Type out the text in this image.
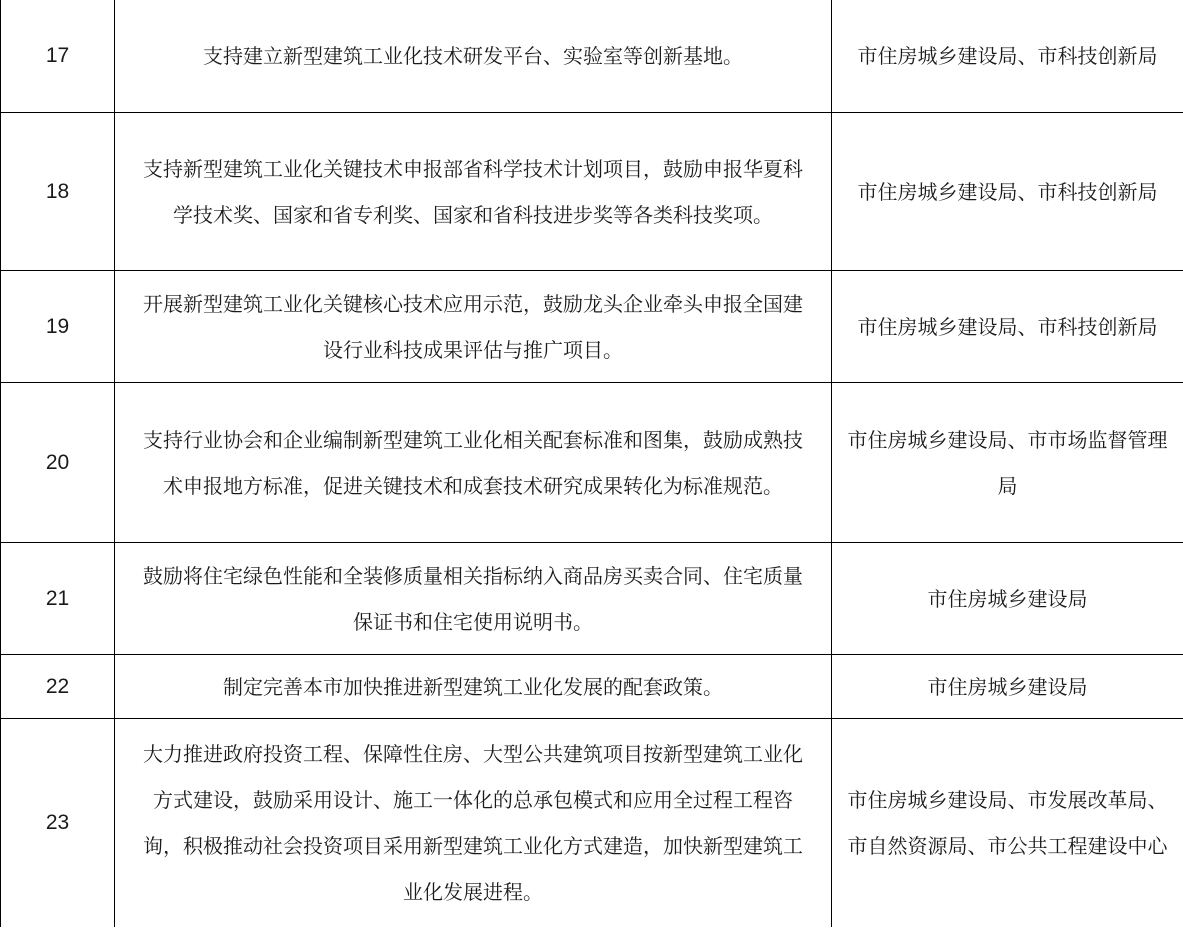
17	支持建立新型建筑工业化技术研发平台、实验室等创新基地。	市住房城乡建设局、市科技创新局
18	支持新型建筑工业化关键技术申报部省科学技术计划项目，鼓励申报华夏科学技术奖、国家和省专利奖、国家和省科技进步奖等各类科技奖项。	市住房城乡建设局、市科技创新局
19	开展新型建筑工业化关键核心技术应用示范，鼓励龙头企业牵头申报全国建设行业科技成果评估与推广项目。	市住房城乡建设局、市科技创新局
20	支持行业协会和企业编制新型建筑工业化相关配套标准和图集，鼓励成熟技术申报地方标准，促进关键技术和成套技术研究成果转化为标准规范。	市住房城乡建设局、市市场监督管理局
21	鼓励将住宅绿色性能和全装修质量相关指标纳入商品房买卖合同、住宅质量保证书和住宅使用说明书。	市住房城乡建设局
22	制定完善本市加快推进新型建筑工业化发展的配套政策。	市住房城乡建设局
23	大力推进政府投资工程、保障性住房、大型公共建筑项目按新型建筑工业化方式建设，鼓励采用设计、施工一体化的总承包模式和应用全过程工程咨询，积极推动社会投资项目采用新型建筑工业化方式建造，加快新型建筑工业化发展进程。	市住房城乡建设局、市发展改革局、市自然资源局、市公共工程建设中心
